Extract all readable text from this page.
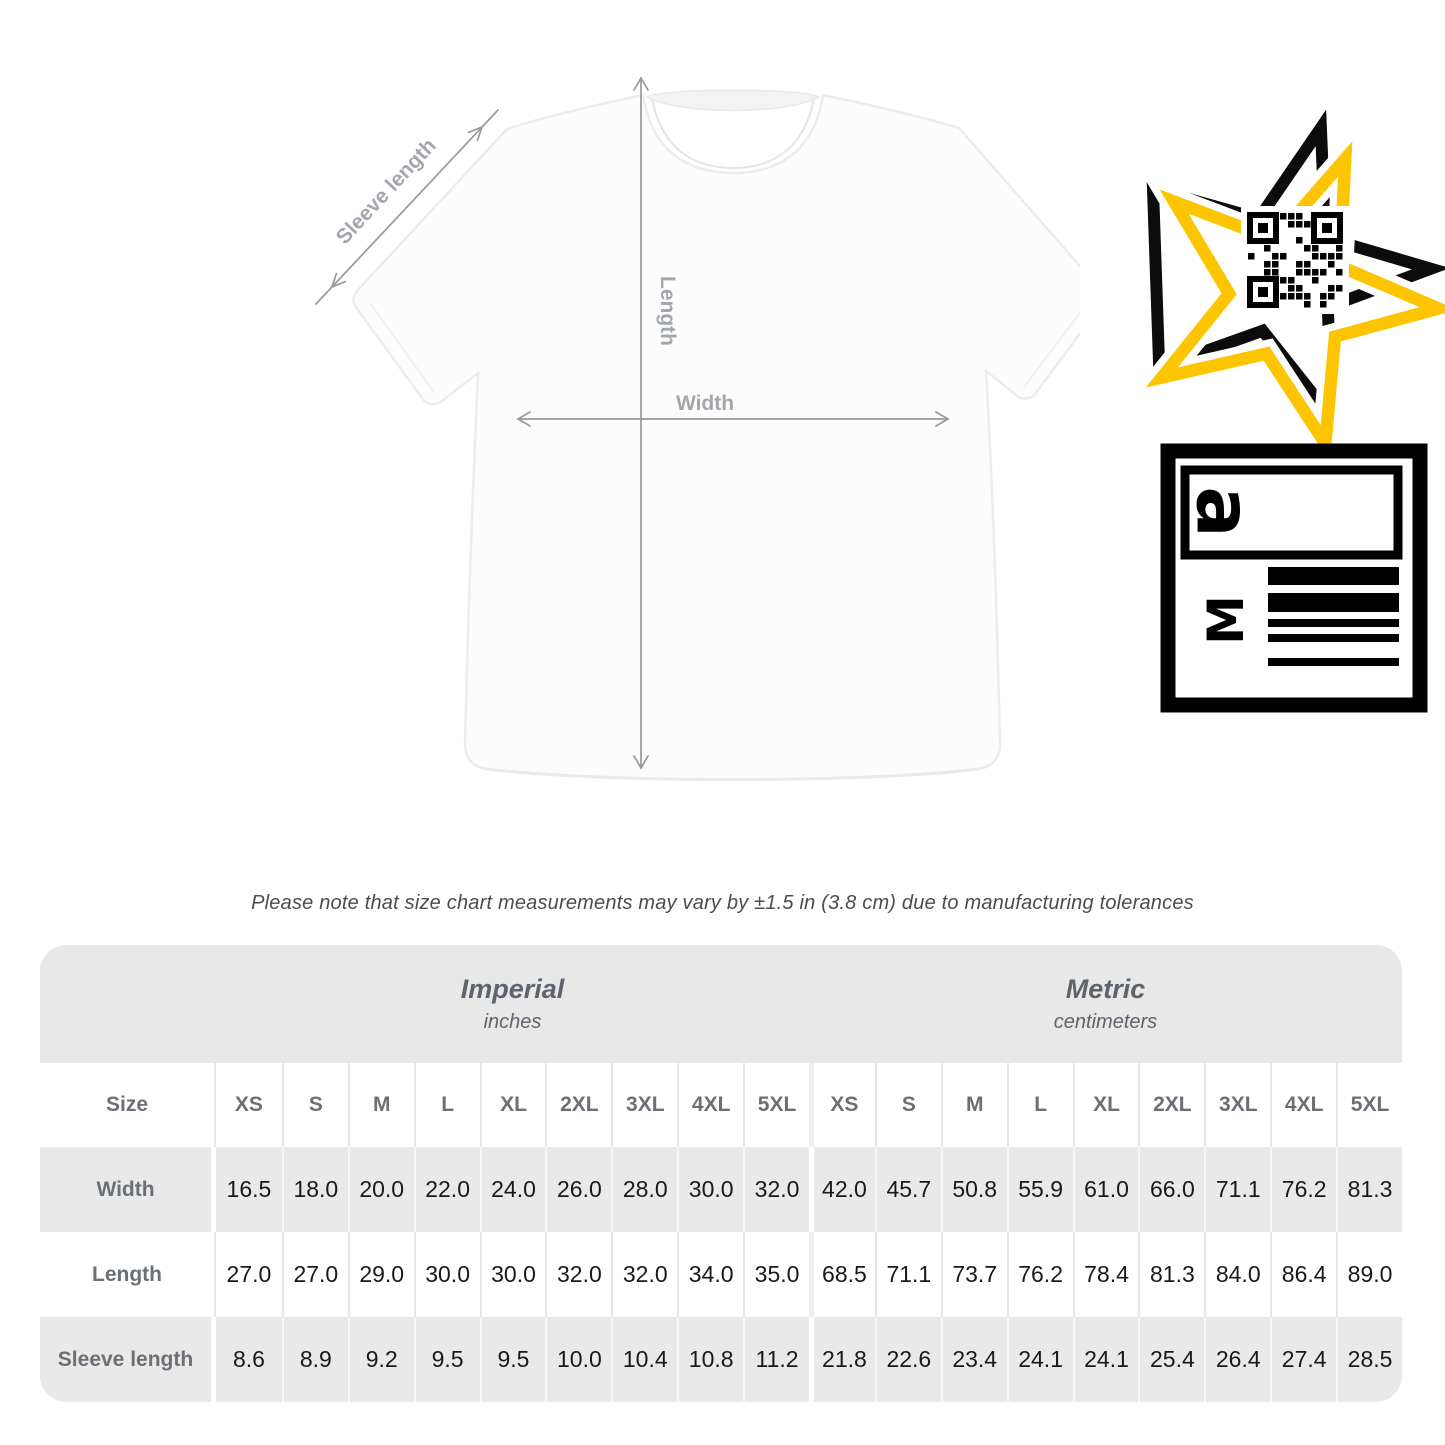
Sleeve length
Length
Width
a
M
Please note that size chart measurements may vary by ±1.5 in (3.8 cm) due to manufacturing tolerances
Imperial
inches
Metric
centimeters
Size	XS	S	M	L	XL	2XL	3XL	4XL	5XL	XS	S	M	L	XL	2XL	3XL	4XL	5XL
Width	16.5 18.0 20.0 22.0 24.0 26.0 28.0 30.0 32.0 42.0 45.7 50.8 55.9 61.0 66.0 71.1 76.2 81.3
Length	27.0 27.0 29.0 30.0 30.0 32.0 32.0 34.0 35.0 68.5 71.1 73.7 76.2 78.4 81.3 84.0 86.4 89.0
Sleeve length	8.6	8.9	9.2	9.5	9.5	10.0 10.4 10.8 11.2	21.8 22.6 23.4 24.1 24.1 25.4 26.4 27.4 28.5
